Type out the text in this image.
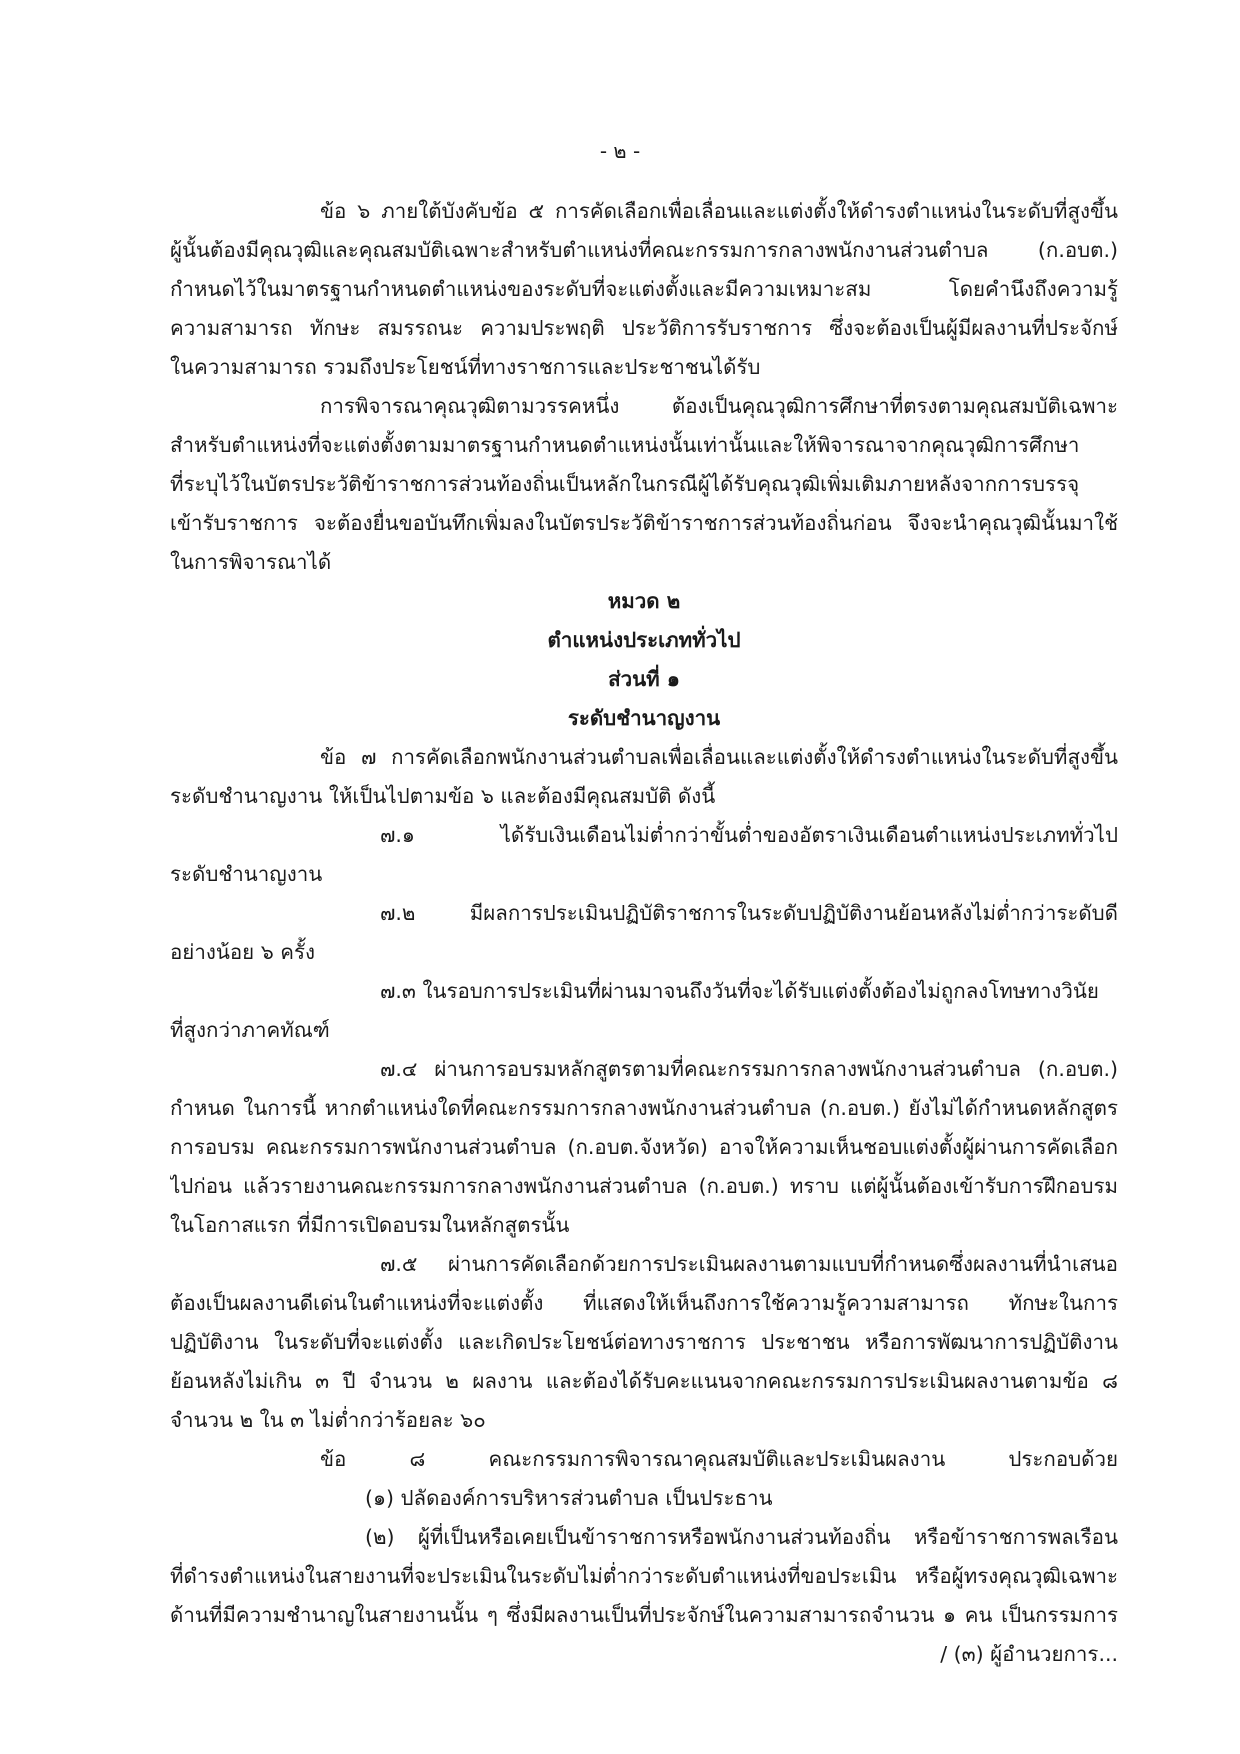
- ๒ -
ข้อ ๖ ภายใต้บังคับข้อ ๕ การคัดเลือกเพื่อเลื่อนและแต่งตั้งให้ดำรงตำแหน่งในระดับที่สูงขึ้น
ผู้นั้นต้องมีคุณวุฒิและคุณสมบัติเฉพาะสำหรับตำแหน่งที่คณะกรรมการกลางพนักงานส่วนตำบล (ก.อบต.)
กำหนดไว้ในมาตรฐานกำหนดตำแหน่งของระดับที่จะแต่งตั้งและมีความเหมาะสม โดยคำนึงถึงความรู้
ความสามารถ ทักษะ สมรรถนะ ความประพฤติ ประวัติการรับราชการ ซึ่งจะต้องเป็นผู้มีผลงานที่ประจักษ์
ในความสามารถ รวมถึงประโยชน์ที่ทางราชการและประชาชนได้รับ
การพิจารณาคุณวุฒิตามวรรคหนึ่ง ต้องเป็นคุณวุฒิการศึกษาที่ตรงตามคุณสมบัติเฉพาะ
สำหรับตำแหน่งที่จะแต่งตั้งตามมาตรฐานกำหนดตำแหน่งนั้นเท่านั้นและให้พิจารณาจากคุณวุฒิการศึกษา
ที่ระบุไว้ในบัตรประวัติข้าราชการส่วนท้องถิ่นเป็นหลักในกรณีผู้ได้รับคุณวุฒิเพิ่มเติมภายหลังจากการบรรจุ
เข้ารับราชการ จะต้องยื่นขอบันทึกเพิ่มลงในบัตรประวัติข้าราชการส่วนท้องถิ่นก่อน จึงจะนำคุณวุฒินั้นมาใช้
ในการพิจารณาได้
หมวด ๒
ตำแหน่งประเภททั่วไป
ส่วนที่ ๑
ระดับชำนาญงาน
ข้อ ๗ การคัดเลือกพนักงานส่วนตำบลเพื่อเลื่อนและแต่งตั้งให้ดำรงตำแหน่งในระดับที่สูงขึ้น
ระดับชำนาญงาน ให้เป็นไปตามข้อ ๖ และต้องมีคุณสมบัติ ดังนี้
๗.๑ ได้รับเงินเดือนไม่ต่ำกว่าขั้นต่ำของอัตราเงินเดือนตำแหน่งประเภททั่วไป
ระดับชำนาญงาน
๗.๒ มีผลการประเมินปฏิบัติราชการในระดับปฏิบัติงานย้อนหลังไม่ต่ำกว่าระดับดี
อย่างน้อย ๖ ครั้ง
๗.๓ ในรอบการประเมินที่ผ่านมาจนถึงวันที่จะได้รับแต่งตั้งต้องไม่ถูกลงโทษทางวินัย
ที่สูงกว่าภาคทัณฑ์
๗.๔ ผ่านการอบรมหลักสูตรตามที่คณะกรรมการกลางพนักงานส่วนตำบล (ก.อบต.)
กำหนด ในการนี้ หากตำแหน่งใดที่คณะกรรมการกลางพนักงานส่วนตำบล (ก.อบต.) ยังไม่ได้กำหนดหลักสูตร
การอบรม คณะกรรมการพนักงานส่วนตำบล (ก.อบต.จังหวัด) อาจให้ความเห็นชอบแต่งตั้งผู้ผ่านการคัดเลือก
ไปก่อน แล้วรายงานคณะกรรมการกลางพนักงานส่วนตำบล (ก.อบต.) ทราบ แต่ผู้นั้นต้องเข้ารับการฝึกอบรม
ในโอกาสแรก ที่มีการเปิดอบรมในหลักสูตรนั้น
๗.๕ ผ่านการคัดเลือกด้วยการประเมินผลงานตามแบบที่กำหนดซึ่งผลงานที่นำเสนอ
ต้องเป็นผลงานดีเด่นในตำแหน่งที่จะแต่งตั้ง ที่แสดงให้เห็นถึงการใช้ความรู้ความสามารถ ทักษะในการ
ปฏิบัติงาน ในระดับที่จะแต่งตั้ง และเกิดประโยชน์ต่อทางราชการ ประชาชน หรือการพัฒนาการปฏิบัติงาน
ย้อนหลังไม่เกิน ๓ ปี จำนวน ๒ ผลงาน และต้องได้รับคะแนนจากคณะกรรมการประเมินผลงานตามข้อ ๘
จำนวน ๒ ใน ๓ ไม่ต่ำกว่าร้อยละ ๖๐
ข้อ ๘ คณะกรรมการพิจารณาคุณสมบัติและประเมินผลงาน ประกอบด้วย
(๑) ปลัดองค์การบริหารส่วนตำบล เป็นประธาน
(๒) ผู้ที่เป็นหรือเคยเป็นข้าราชการหรือพนักงานส่วนท้องถิ่น หรือข้าราชการพลเรือน
ที่ดำรงตำแหน่งในสายงานที่จะประเมินในระดับไม่ต่ำกว่าระดับตำแหน่งที่ขอประเมิน หรือผู้ทรงคุณวุฒิเฉพาะ
ด้านที่มีความชำนาญในสายงานนั้น ๆ ซึ่งมีผลงานเป็นที่ประจักษ์ในความสามารถจำนวน ๑ คน เป็นกรรมการ
/ (๓) ผู้อำนวยการ...
